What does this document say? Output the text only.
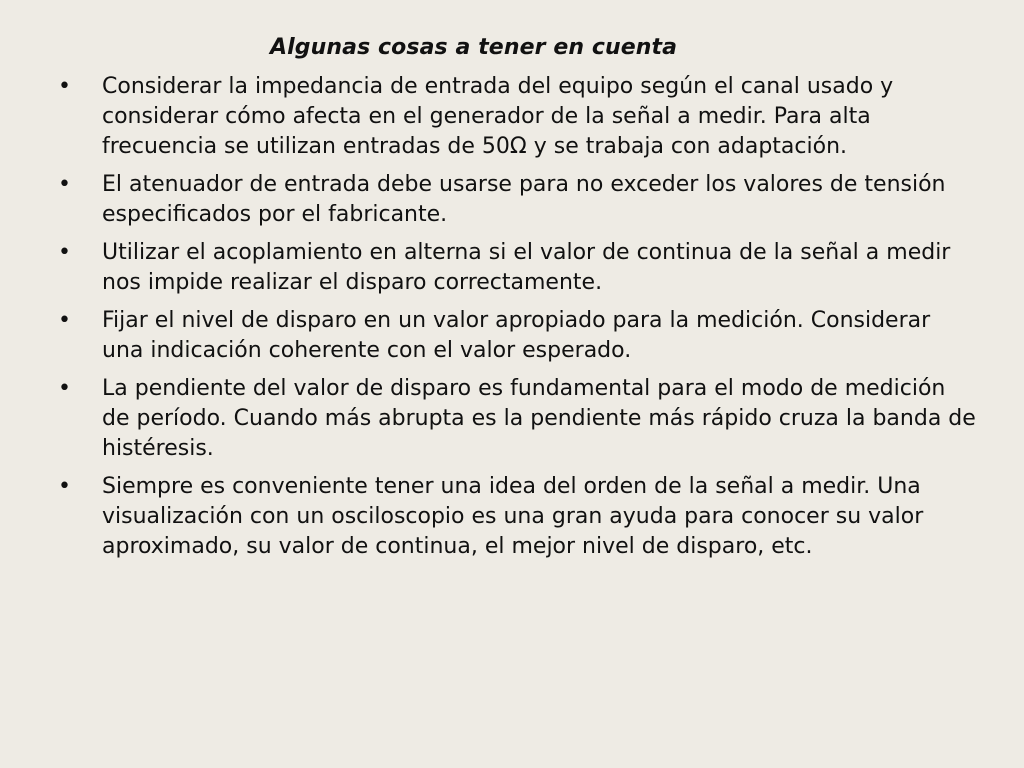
Algunas cosas a tener en cuenta
• Considerar la impedancia de entrada del equipo según el canal usado y considerar cómo afecta en el generador de la señal a medir. Para alta frecuencia se utilizan entradas de 50Ω y se trabaja con adaptación.
• El atenuador de entrada debe usarse para no exceder los valores de tensión especificados por el fabricante.
• Utilizar el acoplamiento en alterna si el valor de continua de la señal a medir nos impide realizar el disparo correctamente.
• Fijar el nivel de disparo en un valor apropiado para la medición. Considerar una indicación coherente con el valor esperado.
• La pendiente del valor de disparo es fundamental para el modo de medición de período. Cuando más abrupta es la pendiente más rápido cruza la banda de histéresis.
• Siempre es conveniente tener una idea del orden de la señal a medir. Una visualización con un osciloscopio es una gran ayuda para conocer su valor aproximado, su valor de continua, el mejor nivel de disparo, etc.
